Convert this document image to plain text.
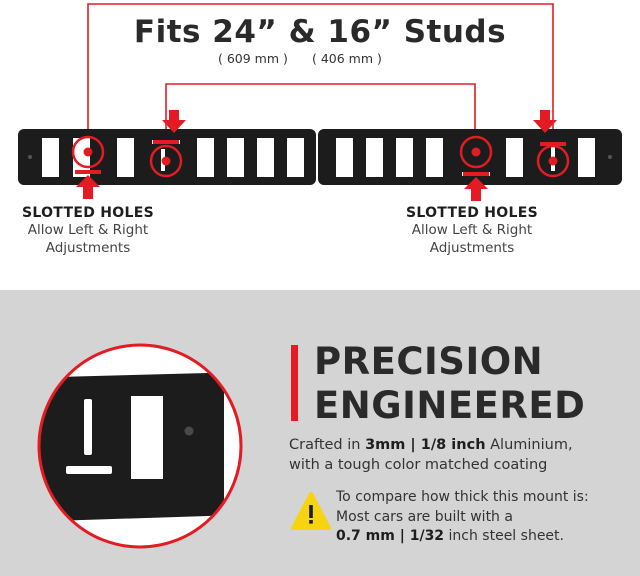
Fits 24” & 16” Studs
( 609 mm ) ( 406 mm )
SLOTTED HOLES
Allow Left & Right
Adjustments
SLOTTED HOLES
Allow Left & Right
Adjustments
PRECISION
ENGINEERED
Crafted in 3mm | 1/8 inch Aluminium,
with a tough color matched coating
To compare how thick this mount is:
Most cars are built with a
0.7 mm | 1/32 inch steel sheet.
